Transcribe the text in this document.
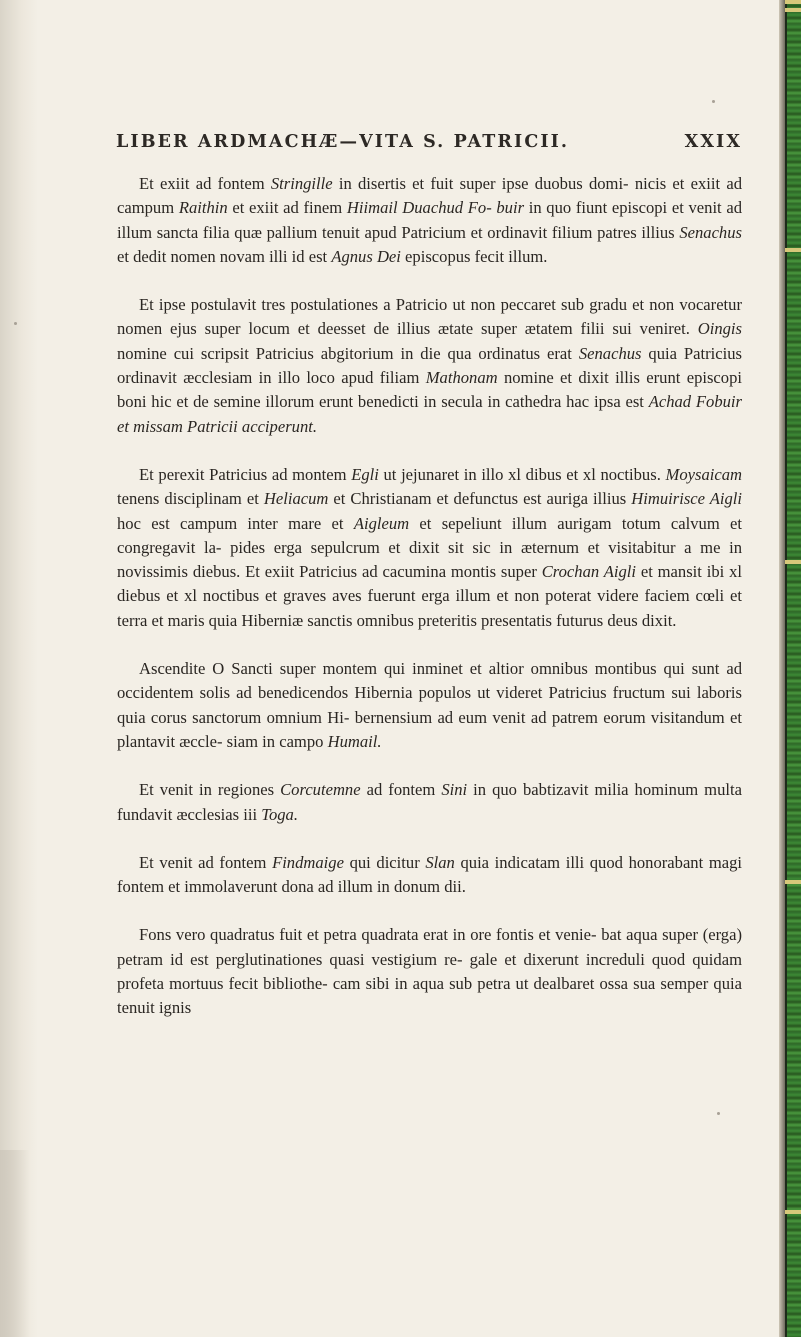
LIBER ARDMACHÆ—VITA S. PATRICII.	XXIX

Et exiit ad fontem Stringille in disertis et fuit super ipse duobus domi- nicis et exiit ad campum Raithin et exiit ad finem Hiimail Duachud Fo- buir in quo fiunt episcopi et venit ad illum sancta filia quæ pallium tenuit apud Patricium et ordinavit filium patres illius Senachus et dedit nomen novam illi id est Agnus Dei episcopus fecit illum.

Et ipse postulavit tres postulationes a Patricio ut non peccaret sub gradu et non vocaretur nomen ejus super locum et deesset de illius ætate super ætatem filii sui veniret. Oingis nomine cui scripsit Patricius abgitorium in die qua ordinatus erat Senachus quia Patricius ordinavit æcclesiam in illo loco apud filiam Mathonam nomine et dixit illis erunt episcopi boni hic et de semine illorum erunt benedicti in secula in cathedra hac ipsa est Achad Fobuir et missam Patricii acciperunt.

Et perexit Patricius ad montem Egli ut jejunaret in illo xl dibus et xl noctibus. Moysaicam tenens disciplinam et Heliacum et Christianam et defunctus est auriga illius Himuirisce Aigli hoc est campum inter mare et Aigleum et sepeliunt illum aurigam totum calvum et congregavit la- pides erga sepulcrum et dixit sit sic in æternum et visitabitur a me in novissimis diebus. Et exiit Patricius ad cacumina montis super Crochan Aigli et mansit ibi xl diebus et xl noctibus et graves aves fuerunt erga illum et non poterat videre faciem cœli et terra et maris quia Hiberniæ sanctis omnibus preteritis presentatis futurus deus dixit.

Ascendite O Sancti super montem qui inminet et altior omnibus montibus qui sunt ad occidentem solis ad benedicendos Hibernia populos ut videret Patricius fructum sui laboris quia corus sanctorum omnium Hi- bernensium ad eum venit ad patrem eorum visitandum et plantavit æccle- siam in campo Humail.

Et venit in regiones Corcutemne ad fontem Sini in quo babtizavit milia hominum multa fundavit æcclesias iii Toga.

Et venit ad fontem Findmaige qui dicitur Slan quia indicatam illi quod honorabant magi fontem et immolaverunt dona ad illum in donum dii.

Fons vero quadratus fuit et petra quadrata erat in ore fontis et venie- bat aqua super (erga) petram id est perglutinationes quasi vestigium re- gale et dixerunt increduli quod quidam profeta mortuus fecit bibliothe- cam sibi in aqua sub petra ut dealbaret ossa sua semper quia tenuit ignis
